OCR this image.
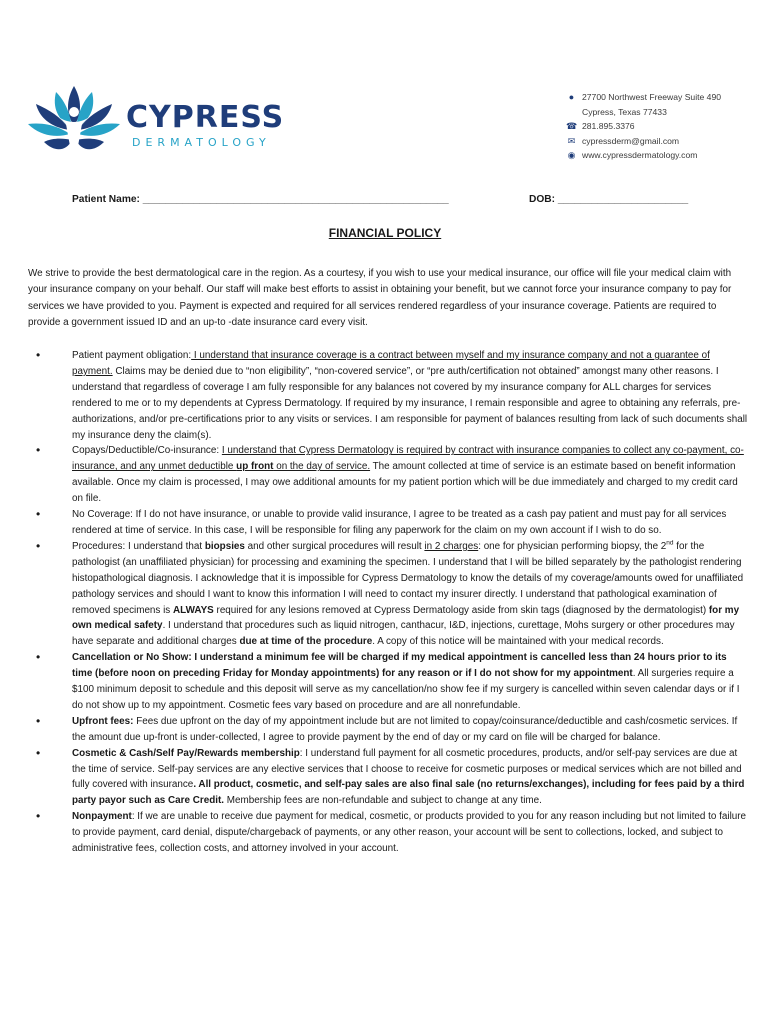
CYPRESS
DERMATOLOGY
● 27700 Northwest Freeway Suite 490
Cypress, Texas 77433
☎ 281.895.3376
✉ cypressderm@gmail.com
◉ www.cypressdermatology.com
Patient Name: ______________________________________________________	DOB: _______________________
FINANCIAL POLICY
We strive to provide the best dermatological care in the region. As a courtesy, if you wish to use your medical insurance, our office will file your medical claim with your insurance company on your behalf. Our staff will make best efforts to assist in obtaining your benefit, but we cannot force your insurance company to pay for services we have provided to you. Payment is expected and required for all services rendered regardless of your insurance coverage. Patients are required to provide a government issued ID and an up-to -date insurance card every visit.
• Patient payment obligation: I understand that insurance coverage is a contract between myself and my insurance company and not a guarantee of payment. Claims may be denied due to “non eligibility”, “non-covered service”, or “pre auth/certification not obtained” amongst many other reasons. I understand that regardless of coverage I am fully responsible for any balances not covered by my insurance company for ALL charges for services rendered to me or to my dependents at Cypress Dermatology. If required by my insurance, I remain responsible and agree to obtaining any referrals, pre-authorizations, and/or pre-certifications prior to any visits or services. I am responsible for payment of balances resulting from lack of such documents shall my insurance deny the claim(s).
• Copays/Deductible/Co-insurance: I understand that Cypress Dermatology is required by contract with insurance companies to collect any co-payment, co-insurance, and any unmet deductible up front on the day of service. The amount collected at time of service is an estimate based on benefit information available. Once my claim is processed, I may owe additional amounts for my patient portion which will be due immediately and charged to my credit card on file.
• No Coverage: If I do not have insurance, or unable to provide valid insurance, I agree to be treated as a cash pay patient and must pay for all services rendered at time of service. In this case, I will be responsible for filing any paperwork for the claim on my own account if I wish to do so.
• Procedures: I understand that biopsies and other surgical procedures will result in 2 charges: one for physician performing biopsy, the 2nd for the pathologist (an unaffiliated physician) for processing and examining the specimen. I understand that I will be billed separately by the pathologist rendering histopathological diagnosis. I acknowledge that it is impossible for Cypress Dermatology to know the details of my coverage/amounts owed for unaffiliated pathology services and should I want to know this information I will need to contact my insurer directly. I understand that pathological examination of removed specimens is ALWAYS required for any lesions removed at Cypress Dermatology aside from skin tags (diagnosed by the dermatologist) for my own medical safety. I understand that procedures such as liquid nitrogen, canthacur, I&D, injections, curettage, Mohs surgery or other procedures may have separate and additional charges due at time of the procedure. A copy of this notice will be maintained with your medical records.
• Cancellation or No Show: I understand a minimum fee will be charged if my medical appointment is cancelled less than 24 hours prior to its time (before noon on preceding Friday for Monday appointments) for any reason or if I do not show for my appointment. All surgeries require a $100 minimum deposit to schedule and this deposit will serve as my cancellation/no show fee if my surgery is cancelled within seven calendar days or if I do not show up to my appointment. Cosmetic fees vary based on procedure and are all nonrefundable.
• Upfront fees: Fees due upfront on the day of my appointment include but are not limited to copay/coinsurance/deductible and cash/cosmetic services. If the amount due up-front is under-collected, I agree to provide payment by the end of day or my card on file will be charged for balance.
• Cosmetic & Cash/Self Pay/Rewards membership: I understand full payment for all cosmetic procedures, products, and/or self-pay services are due at the time of service. Self-pay services are any elective services that I choose to receive for cosmetic purposes or medical services which are not billed and fully covered with insurance. All product, cosmetic, and self-pay sales are also final sale (no returns/exchanges), including for fees paid by a third party payor such as Care Credit. Membership fees are non-refundable and subject to change at any time.
• Nonpayment: If we are unable to receive due payment for medical, cosmetic, or products provided to you for any reason including but not limited to failure to provide payment, card denial, dispute/chargeback of payments, or any other reason, your account will be sent to collections, locked, and subject to administrative fees, collection costs, and attorney involved in your account.
